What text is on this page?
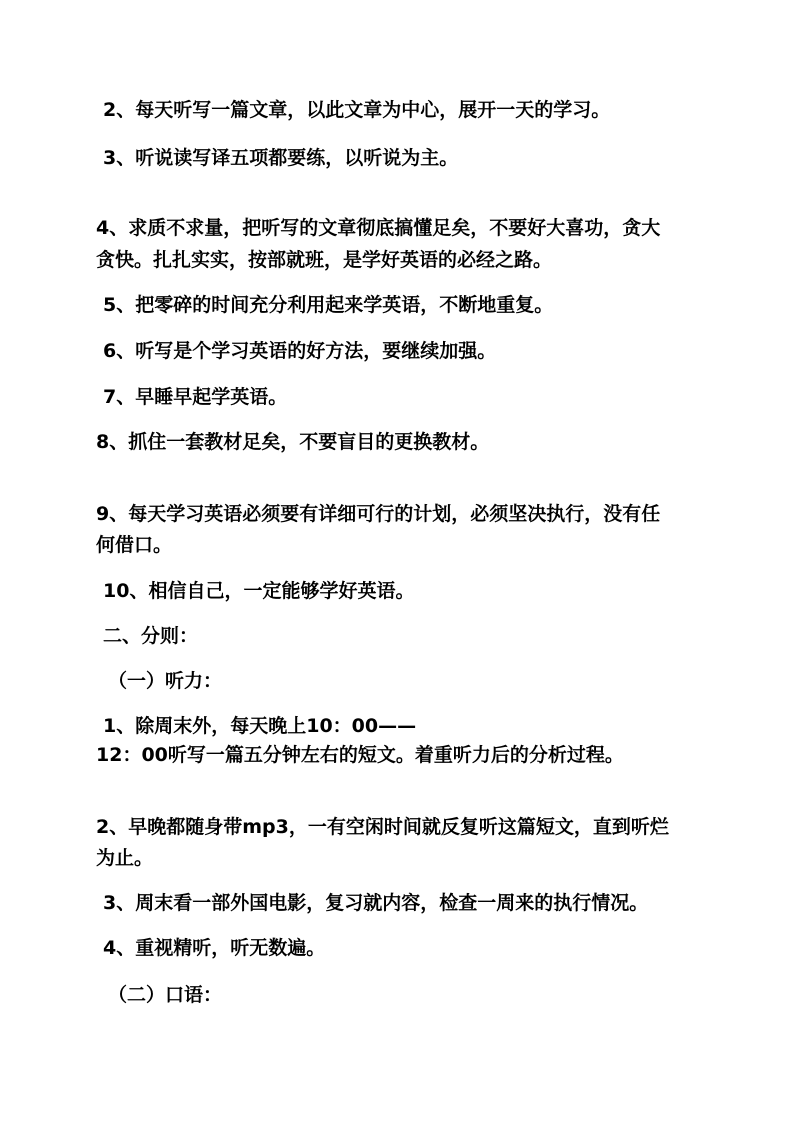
2、每天听写一篇文章，以此文章为中心，展开一天的学习。
3、听说读写译五项都要练，以听说为主。
4、求质不求量，把听写的文章彻底搞懂足矣，不要好大喜功，贪大
贪快。扎扎实实，按部就班，是学好英语的必经之路。
5、把零碎的时间充分利用起来学英语，不断地重复。
6、听写是个学习英语的好方法，要继续加强。
7、早睡早起学英语。
8、抓住一套教材足矣，不要盲目的更换教材。
9、每天学习英语必须要有详细可行的计划，必须坚决执行，没有任
何借口。
10、相信自己，一定能够学好英语。
二、分则：
（一）听力：
1、除周末外，每天晚上10：00——
12：00听写一篇五分钟左右的短文。着重听力后的分析过程。
2、早晚都随身带mp3，一有空闲时间就反复听这篇短文，直到听烂
为止。
3、周末看一部外国电影，复习就内容，检查一周来的执行情况。
4、重视精听，听无数遍。
（二）口语：
